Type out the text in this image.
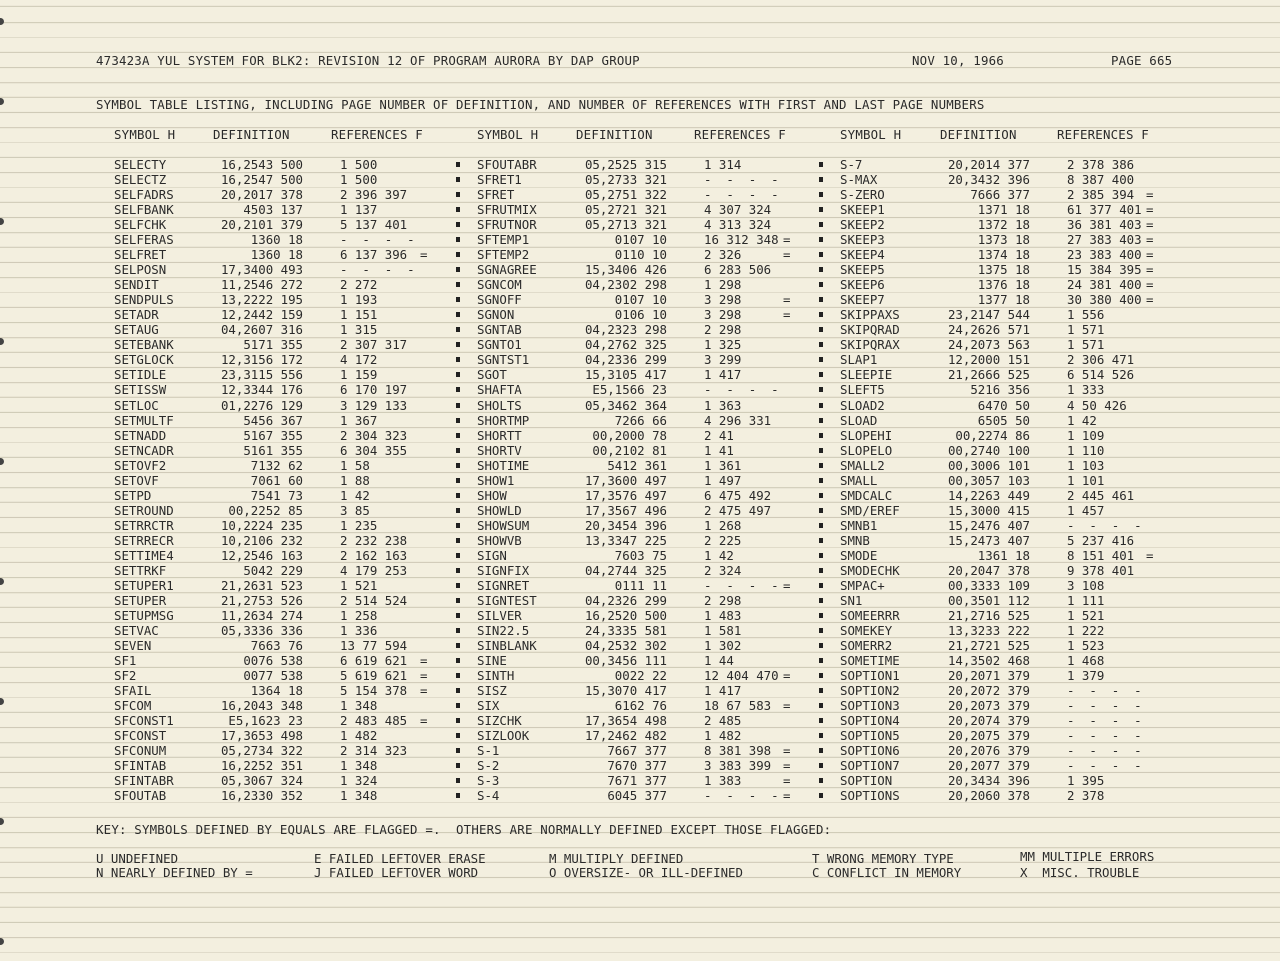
473423A YUL SYSTEM FOR BLK2: REVISION 12 OF PROGRAM AURORA BY DAP GROUP	NOV 10, 1966	PAGE 665
SYMBOL TABLE LISTING, INCLUDING PAGE NUMBER OF DEFINITION, AND NUMBER OF REFERENCES WITH FIRST AND LAST PAGE NUMBERS
SYMBOL H	DEFINITION	REFERENCES F	SYMBOL H	DEFINITION	REFERENCES F	SYMBOL H	DEFINITION	REFERENCES F
SELECTY	16,2543 500	1 500
SELECTZ	16,2547 500	1 500
SELFADRS	20,2017 378	2 396 397
SELFBANK	4503 137	1 137
SELFCHK	20,2101 379	5 137 401
SELFERAS	1360 18	-  -  -  -
SELFRET	1360 18	6 137 396 =
SELPOSN	17,3400 493	-  -  -  -
SENDIT	11,2546 272	2 272
SENDPULS	13,2222 195	1 193
SETADR	12,2442 159	1 151
SETAUG	04,2607 316	1 315
SETEBANK	5171 355	2 307 317
SETGLOCK	12,3156 172	4 172
SETIDLE	23,3115 556	1 159
SETISSW	12,3344 176	6 170 197
SETLOC	01,2276 129	3 129 133
SETMULTF	5456 367	1 367
SETNADD	5167 355	2 304 323
SETNCADR	5161 355	6 304 355
SETOVF2	7132 62	1 58
SETOVF	7061 60	1 88
SETPD	7541 73	1 42
SETROUND	00,2252 85	3 85
SETRRCTR	10,2224 235	1 235
SETRRECR	10,2106 232	2 232 238
SETTIME4	12,2546 163	2 162 163
SETTRKF	5042 229	4 179 253
SETUPER1	21,2631 523	1 521
SETUPER	21,2753 526	2 514 524
SETUPMSG	11,2634 274	1 258
SETVAC	05,3336 336	1 336
SEVEN	7663 76	13 77 594
SF1	0076 538	6 619 621 =
SF2	0077 538	5 619 621 =
SFAIL	1364 18	5 154 378 =
SFCOM	16,2043 348	1 348
SFCONST1	E5,1623 23	2 483 485 =
SFCONST	17,3653 498	1 482
SFCONUM	05,2734 322	2 314 323
SFINTAB	16,2252 351	1 348
SFINTABR	05,3067 324	1 324
SFOUTAB	16,2330 352	1 348
SFOUTABR	05,2525 315	1 314
SFRET1	05,2733 321	-  -  -  -
SFRET	05,2751 322	-  -  -  -
SFRUTMIX	05,2721 321	4 307 324
SFRUTNOR	05,2713 321	4 313 324
SFTEMP1	0107 10	16 312 348 =
SFTEMP2	0110 10	2 326	=
SGNAGREE	15,3406 426	6 283 506
SGNCOM	04,2302 298	1 298
SGNOFF	0107 10	3 298	=
SGNON	0106 10	3 298	=
SGNTAB	04,2323 298	2 298
SGNTO1	04,2762 325	1 325
SGNTST1	04,2336 299	3 299
SGOT	15,3105 417	1 417
SHAFTA	E5,1566 23	-  -  -  -
SHOLTS	05,3462 364	1 363
SHORTMP	7266 66	4 296 331
SHORTT	00,2000 78	2 41
SHORTV	00,2102 81	1 41
SHOTIME	5412 361	1 361
SHOW1	17,3600 497	1 497
SHOW	17,3576 497	6 475 492
SHOWLD	17,3567 496	2 475 497
SHOWSUM	20,3454 396	1 268
SHOWVB	13,3347 225	2 225
SIGN	7603 75	1 42
SIGNFIX	04,2744 325	2 324
SIGNRET	0111 11	-  -  -  - =
SIGNTEST	04,2326 299	2 298
SILVER	16,2520 500	1 483
SIN22.5	24,3335 581	1 581
SINBLANK	04,2532 302	1 302
SINE	00,3456 111	1 44
SINTH	0022 22	12 404 470 =
SISZ	15,3070 417	1 417
SIX	6162 76	18 67 583 =
SIZCHK	17,3654 498	2 485
SIZLOOK	17,2462 482	1 482
S-1	7667 377	8 381 398 =
S-2	7670 377	3 383 399 =
S-3	7671 377	1 383	=
S-4	6045 377	-  -  -  - =
S-7	20,2014 377	2 378 386
S-MAX	20,3432 396	8 387 400
S-ZERO	7666 377	2 385 394 =
SKEEP1	1371 18	61 377 401 =
SKEEP2	1372 18	36 381 403 =
SKEEP3	1373 18	27 383 403 =
SKEEP4	1374 18	23 383 400 =
SKEEP5	1375 18	15 384 395 =
SKEEP6	1376 18	24 381 400 =
SKEEP7	1377 18	30 380 400 =
SKIPPAXS	23,2147 544	1 556
SKIPQRAD	24,2626 571	1 571
SKIPQRAX	24,2073 563	1 571
SLAP1	12,2000 151	2 306 471
SLEEPIE	21,2666 525	6 514 526
SLEFT5	5216 356	1 333
SLOAD2	6470 50	4 50 426
SLOAD	6505 50	1 42
SLOPEHI	00,2274 86	1 109
SLOPELO	00,2740 100	1 110
SMALL2	00,3006 101	1 103
SMALL	00,3057 103	1 101
SMDCALC	14,2263 449	2 445 461
SMD/EREF	15,3000 415	1 457
SMNB1	15,2476 407	-  -  -  -
SMNB	15,2473 407	5 237 416
SMODE	1361 18	8 151 401 =
SMODECHK	20,2047 378	9 378 401
SMPAC+	00,3333 109	3 108
SN1	00,3501 112	1 111
SOMEERRR	21,2716 525	1 521
SOMEKEY	13,3233 222	1 222
SOMERR2	21,2721 525	1 523
SOMETIME	14,3502 468	1 468
SOPTION1	20,2071 379	1 379
SOPTION2	20,2072 379	-  -  -  -
SOPTION3	20,2073 379	-  -  -  -
SOPTION4	20,2074 379	-  -  -  -
SOPTION5	20,2075 379	-  -  -  -
SOPTION6	20,2076 379	-  -  -  -
SOPTION7	20,2077 379	-  -  -  -
SOPTION	20,3434 396	1 395
SOPTIONS	20,2060 378	2 378
KEY: SYMBOLS DEFINED BY EQUALS ARE FLAGGED =.  OTHERS ARE NORMALLY DEFINED EXCEPT THOSE FLAGGED:
U UNDEFINED
N NEARLY DEFINED BY =
E FAILED LEFTOVER ERASE
J FAILED LEFTOVER WORD
M MULTIPLY DEFINED
O OVERSIZE- OR ILL-DEFINED
T WRONG MEMORY TYPE
C CONFLICT IN MEMORY
MM MULTIPLE ERRORS
X  MISC. TROUBLE
